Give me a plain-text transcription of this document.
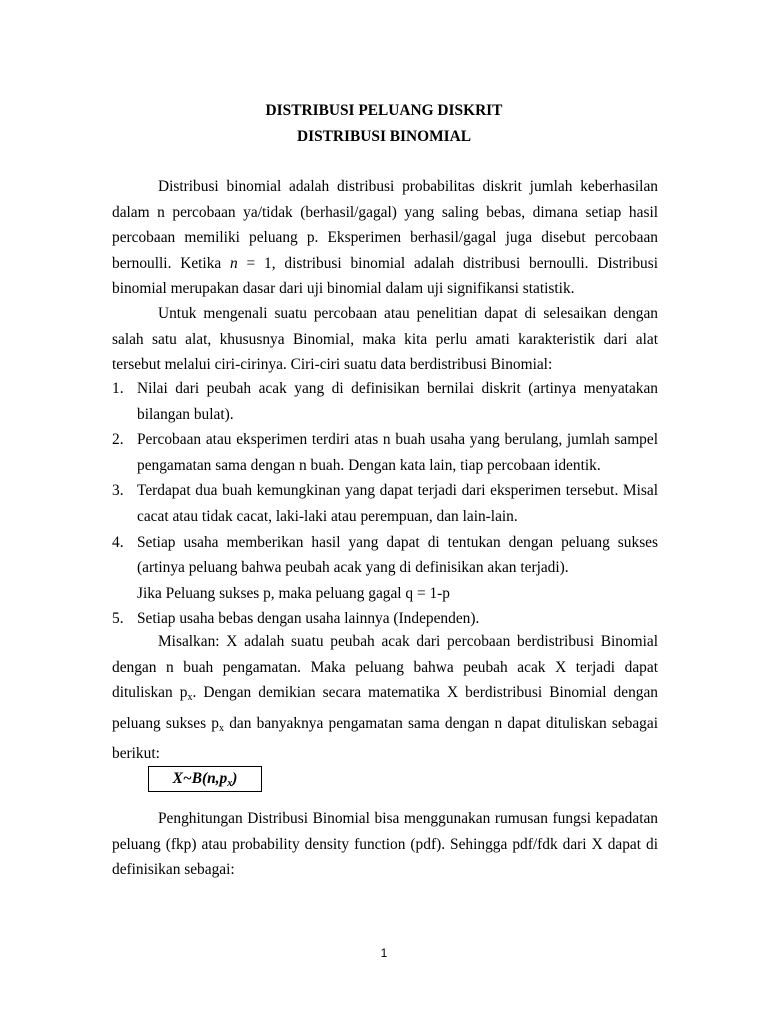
DISTRIBUSI PELUANG DISKRIT
DISTRIBUSI BINOMIAL

Distribusi binomial adalah distribusi probabilitas diskrit jumlah keberhasilan dalam n percobaan ya/tidak (berhasil/gagal) yang saling bebas, dimana setiap hasil percobaan memiliki peluang p. Eksperimen berhasil/gagal juga disebut percobaan bernoulli. Ketika n = 1, distribusi binomial adalah distribusi bernoulli. Distribusi binomial merupakan dasar dari uji binomial dalam uji signifikansi statistik.

Untuk mengenali suatu percobaan atau penelitian dapat di selesaikan dengan salah satu alat, khususnya Binomial, maka kita perlu amati karakteristik dari alat tersebut melalui ciri-cirinya. Ciri-ciri suatu data berdistribusi Binomial:

1. Nilai dari peubah acak yang di definisikan bernilai diskrit (artinya menyatakan bilangan bulat).
2. Percobaan atau eksperimen terdiri atas n buah usaha yang berulang, jumlah sampel pengamatan sama dengan n buah. Dengan kata lain, tiap percobaan identik.
3. Terdapat dua buah kemungkinan yang dapat terjadi dari eksperimen tersebut. Misal cacat atau tidak cacat, laki-laki atau perempuan, dan lain-lain.
4. Setiap usaha memberikan hasil yang dapat di tentukan dengan peluang sukses (artinya peluang bahwa peubah acak yang di definisikan akan terjadi).
Jika Peluang sukses p, maka peluang gagal q = 1-p
5. Setiap usaha bebas dengan usaha lainnya (Independen).

Misalkan: X adalah suatu peubah acak dari percobaan berdistribusi Binomial dengan n buah pengamatan. Maka peluang bahwa peubah acak X terjadi dapat dituliskan $p_x$. Dengan demikian secara matematika X berdistribusi Binomial dengan peluang sukses $p_x$ dan banyaknya pengamatan sama dengan n dapat dituliskan sebagai berikut:

$X\sim B(n,p_x)$

Penghitungan Distribusi Binomial bisa menggunakan rumusan fungsi kepadatan peluang (fkp) atau probability density function (pdf). Sehingga pdf/fdk dari X dapat di definisikan sebagai:

1
